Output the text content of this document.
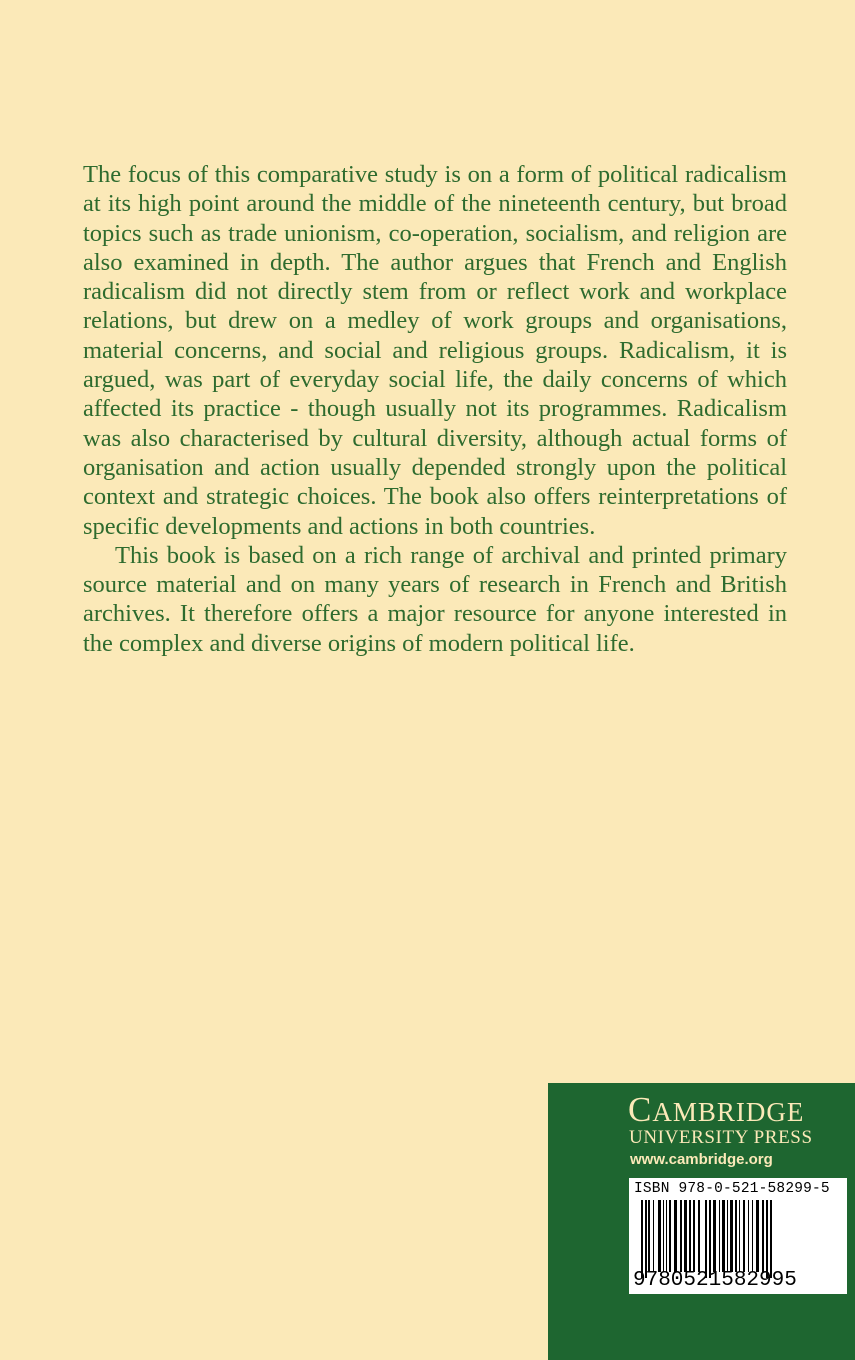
The focus of this comparative study is on a form of political radicalism at its high point around the middle of the nineteenth century, but broad topics such as trade unionism, co-operation, socialism, and religion are also examined in depth. The author argues that French and English radicalism did not directly stem from or reflect work and workplace relations, but drew on a medley of work groups and organisations, material concerns, and social and religious groups. Radicalism, it is argued, was part of everyday social life, the daily concerns of which affected its practice - though usually not its programmes. Radicalism was also characterised by cultural diversity, although actual forms of organisation and action usually depended strongly upon the political context and strategic choices. The book also offers reinterpretations of specific developments and actions in both countries.

This book is based on a rich range of archival and printed primary source material and on many years of research in French and British archives. It therefore offers a major resource for anyone interested in the complex and diverse origins of modern political life.

CAMBRIDGE
UNIVERSITY PRESS
www.cambridge.org
ISBN 978-0-521-58299-5
9780521582995
